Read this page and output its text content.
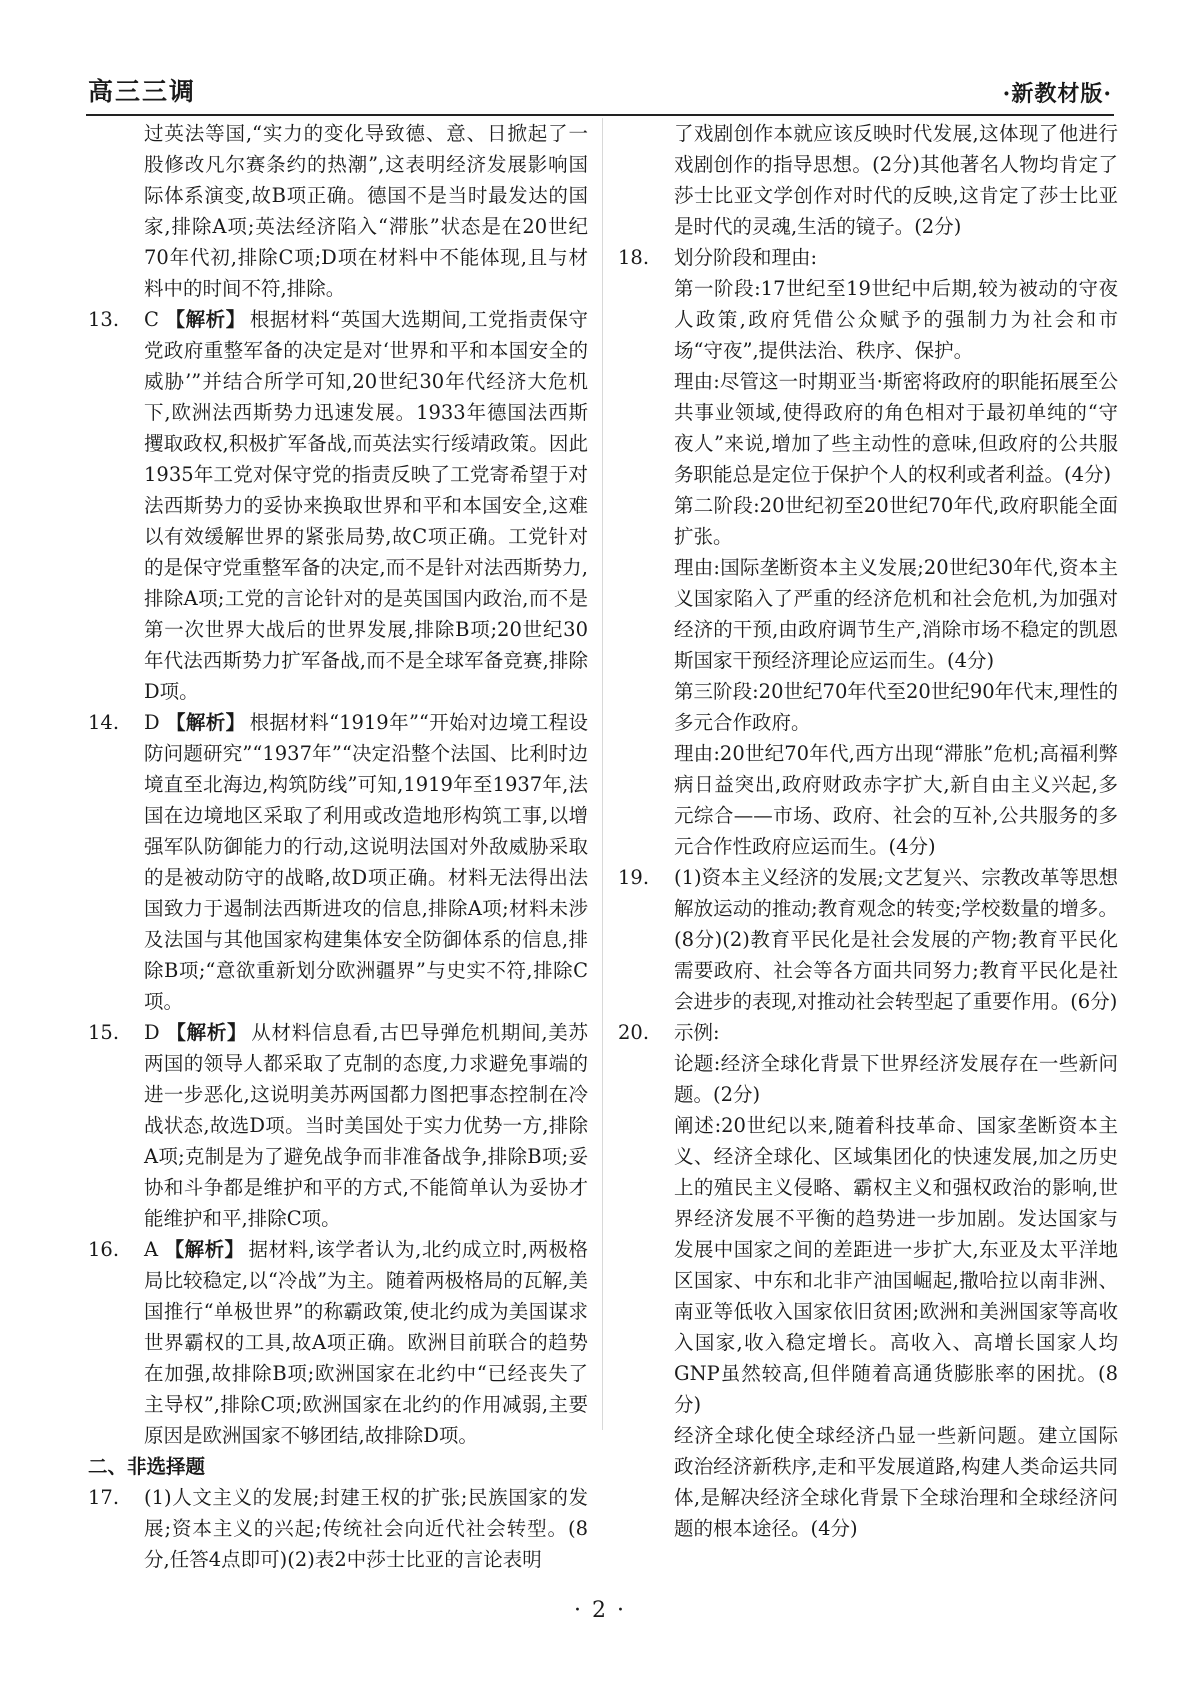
高三三调	·新教材版·

过英法等国,“实力的变化导致德、意、日掀起了一股修改凡尔赛条约的热潮”,这表明经济发展影响国际体系演变,故B项正确。德国不是当时最发达的国家,排除A项;英法经济陷入“滞胀”状态是在20世纪70年代初,排除C项;D项在材料中不能体现,且与材料中的时间不符,排除。

13.	C 【解析】 根据材料“英国大选期间,工党指责保守党政府重整军备的决定是对‘世界和平和本国安全的威胁’”并结合所学可知,20世纪30年代经济大危机下,欧洲法西斯势力迅速发展。1933年德国法西斯攫取政权,积极扩军备战,而英法实行绥靖政策。因此1935年工党对保守党的指责反映了工党寄希望于对法西斯势力的妥协来换取世界和平和本国安全,这难以有效缓解世界的紧张局势,故C项正确。工党针对的是保守党重整军备的决定,而不是针对法西斯势力,排除A项;工党的言论针对的是英国国内政治,而不是第一次世界大战后的世界发展,排除B项;20世纪30年代法西斯势力扩军备战,而不是全球军备竞赛,排除D项。

14.	D 【解析】 根据材料“1919年”“开始对边境工程设防问题研究”“1937年”“决定沿整个法国、比利时边境直至北海边,构筑防线”可知,1919年至1937年,法国在边境地区采取了利用或改造地形构筑工事,以增强军队防御能力的行动,这说明法国对外敌威胁采取的是被动防守的战略,故D项正确。材料无法得出法国致力于遏制法西斯进攻的信息,排除A项;材料未涉及法国与其他国家构建集体安全防御体系的信息,排除B项;“意欲重新划分欧洲疆界”与史实不符,排除C项。

15.	D 【解析】 从材料信息看,古巴导弹危机期间,美苏两国的领导人都采取了克制的态度,力求避免事端的进一步恶化,这说明美苏两国都力图把事态控制在冷战状态,故选D项。当时美国处于实力优势一方,排除A项;克制是为了避免战争而非准备战争,排除B项;妥协和斗争都是维护和平的方式,不能简单认为妥协才能维护和平,排除C项。

16.	A 【解析】 据材料,该学者认为,北约成立时,两极格局比较稳定,以“冷战”为主。随着两极格局的瓦解,美国推行“单极世界”的称霸政策,使北约成为美国谋求世界霸权的工具,故A项正确。欧洲目前联合的趋势在加强,故排除B项;欧洲国家在北约中“已经丧失了主导权”,排除C项;欧洲国家在北约的作用减弱,主要原因是欧洲国家不够团结,故排除D项。

二、非选择题

17.	(1)人文主义的发展;封建王权的扩张;民族国家的发展;资本主义的兴起;传统社会向近代社会转型。(8分,任答4点即可)(2)表2中莎士比亚的言论表明

了戏剧创作本就应该反映时代发展,这体现了他进行戏剧创作的指导思想。(2分)其他著名人物均肯定了莎士比亚文学创作对时代的反映,这肯定了莎士比亚是时代的灵魂,生活的镜子。(2分)

18.	划分阶段和理由:

第一阶段:17世纪至19世纪中后期,较为被动的守夜人政策,政府凭借公众赋予的强制力为社会和市场“守夜”,提供法治、秩序、保护。

理由:尽管这一时期亚当·斯密将政府的职能拓展至公共事业领域,使得政府的角色相对于最初单纯的“守夜人”来说,增加了些主动性的意味,但政府的公共服务职能总是定位于保护个人的权利或者利益。(4分)

第二阶段:20世纪初至20世纪70年代,政府职能全面扩张。

理由:国际垄断资本主义发展;20世纪30年代,资本主义国家陷入了严重的经济危机和社会危机,为加强对经济的干预,由政府调节生产,消除市场不稳定的凯恩斯国家干预经济理论应运而生。(4分)

第三阶段:20世纪70年代至20世纪90年代末,理性的多元合作政府。

理由:20世纪70年代,西方出现“滞胀”危机;高福利弊病日益突出,政府财政赤字扩大,新自由主义兴起,多元综合——市场、政府、社会的互补,公共服务的多元合作性政府应运而生。(4分)

19.	(1)资本主义经济的发展;文艺复兴、宗教改革等思想解放运动的推动;教育观念的转变;学校数量的增多。(8分)(2)教育平民化是社会发展的产物;教育平民化需要政府、社会等各方面共同努力;教育平民化是社会进步的表现,对推动社会转型起了重要作用。(6分)

20.	示例:

论题:经济全球化背景下世界经济发展存在一些新问题。(2分)

阐述:20世纪以来,随着科技革命、国家垄断资本主义、经济全球化、区域集团化的快速发展,加之历史上的殖民主义侵略、霸权主义和强权政治的影响,世界经济发展不平衡的趋势进一步加剧。发达国家与发展中国家之间的差距进一步扩大,东亚及太平洋地区国家、中东和北非产油国崛起,撒哈拉以南非洲、南亚等低收入国家依旧贫困;欧洲和美洲国家等高收入国家,收入稳定增长。高收入、高增长国家人均GNP虽然较高,但伴随着高通货膨胀率的困扰。(8分)

经济全球化使全球经济凸显一些新问题。建立国际政治经济新秩序,走和平发展道路,构建人类命运共同体,是解决经济全球化背景下全球治理和全球经济问题的根本途径。(4分)

· 2 ·
